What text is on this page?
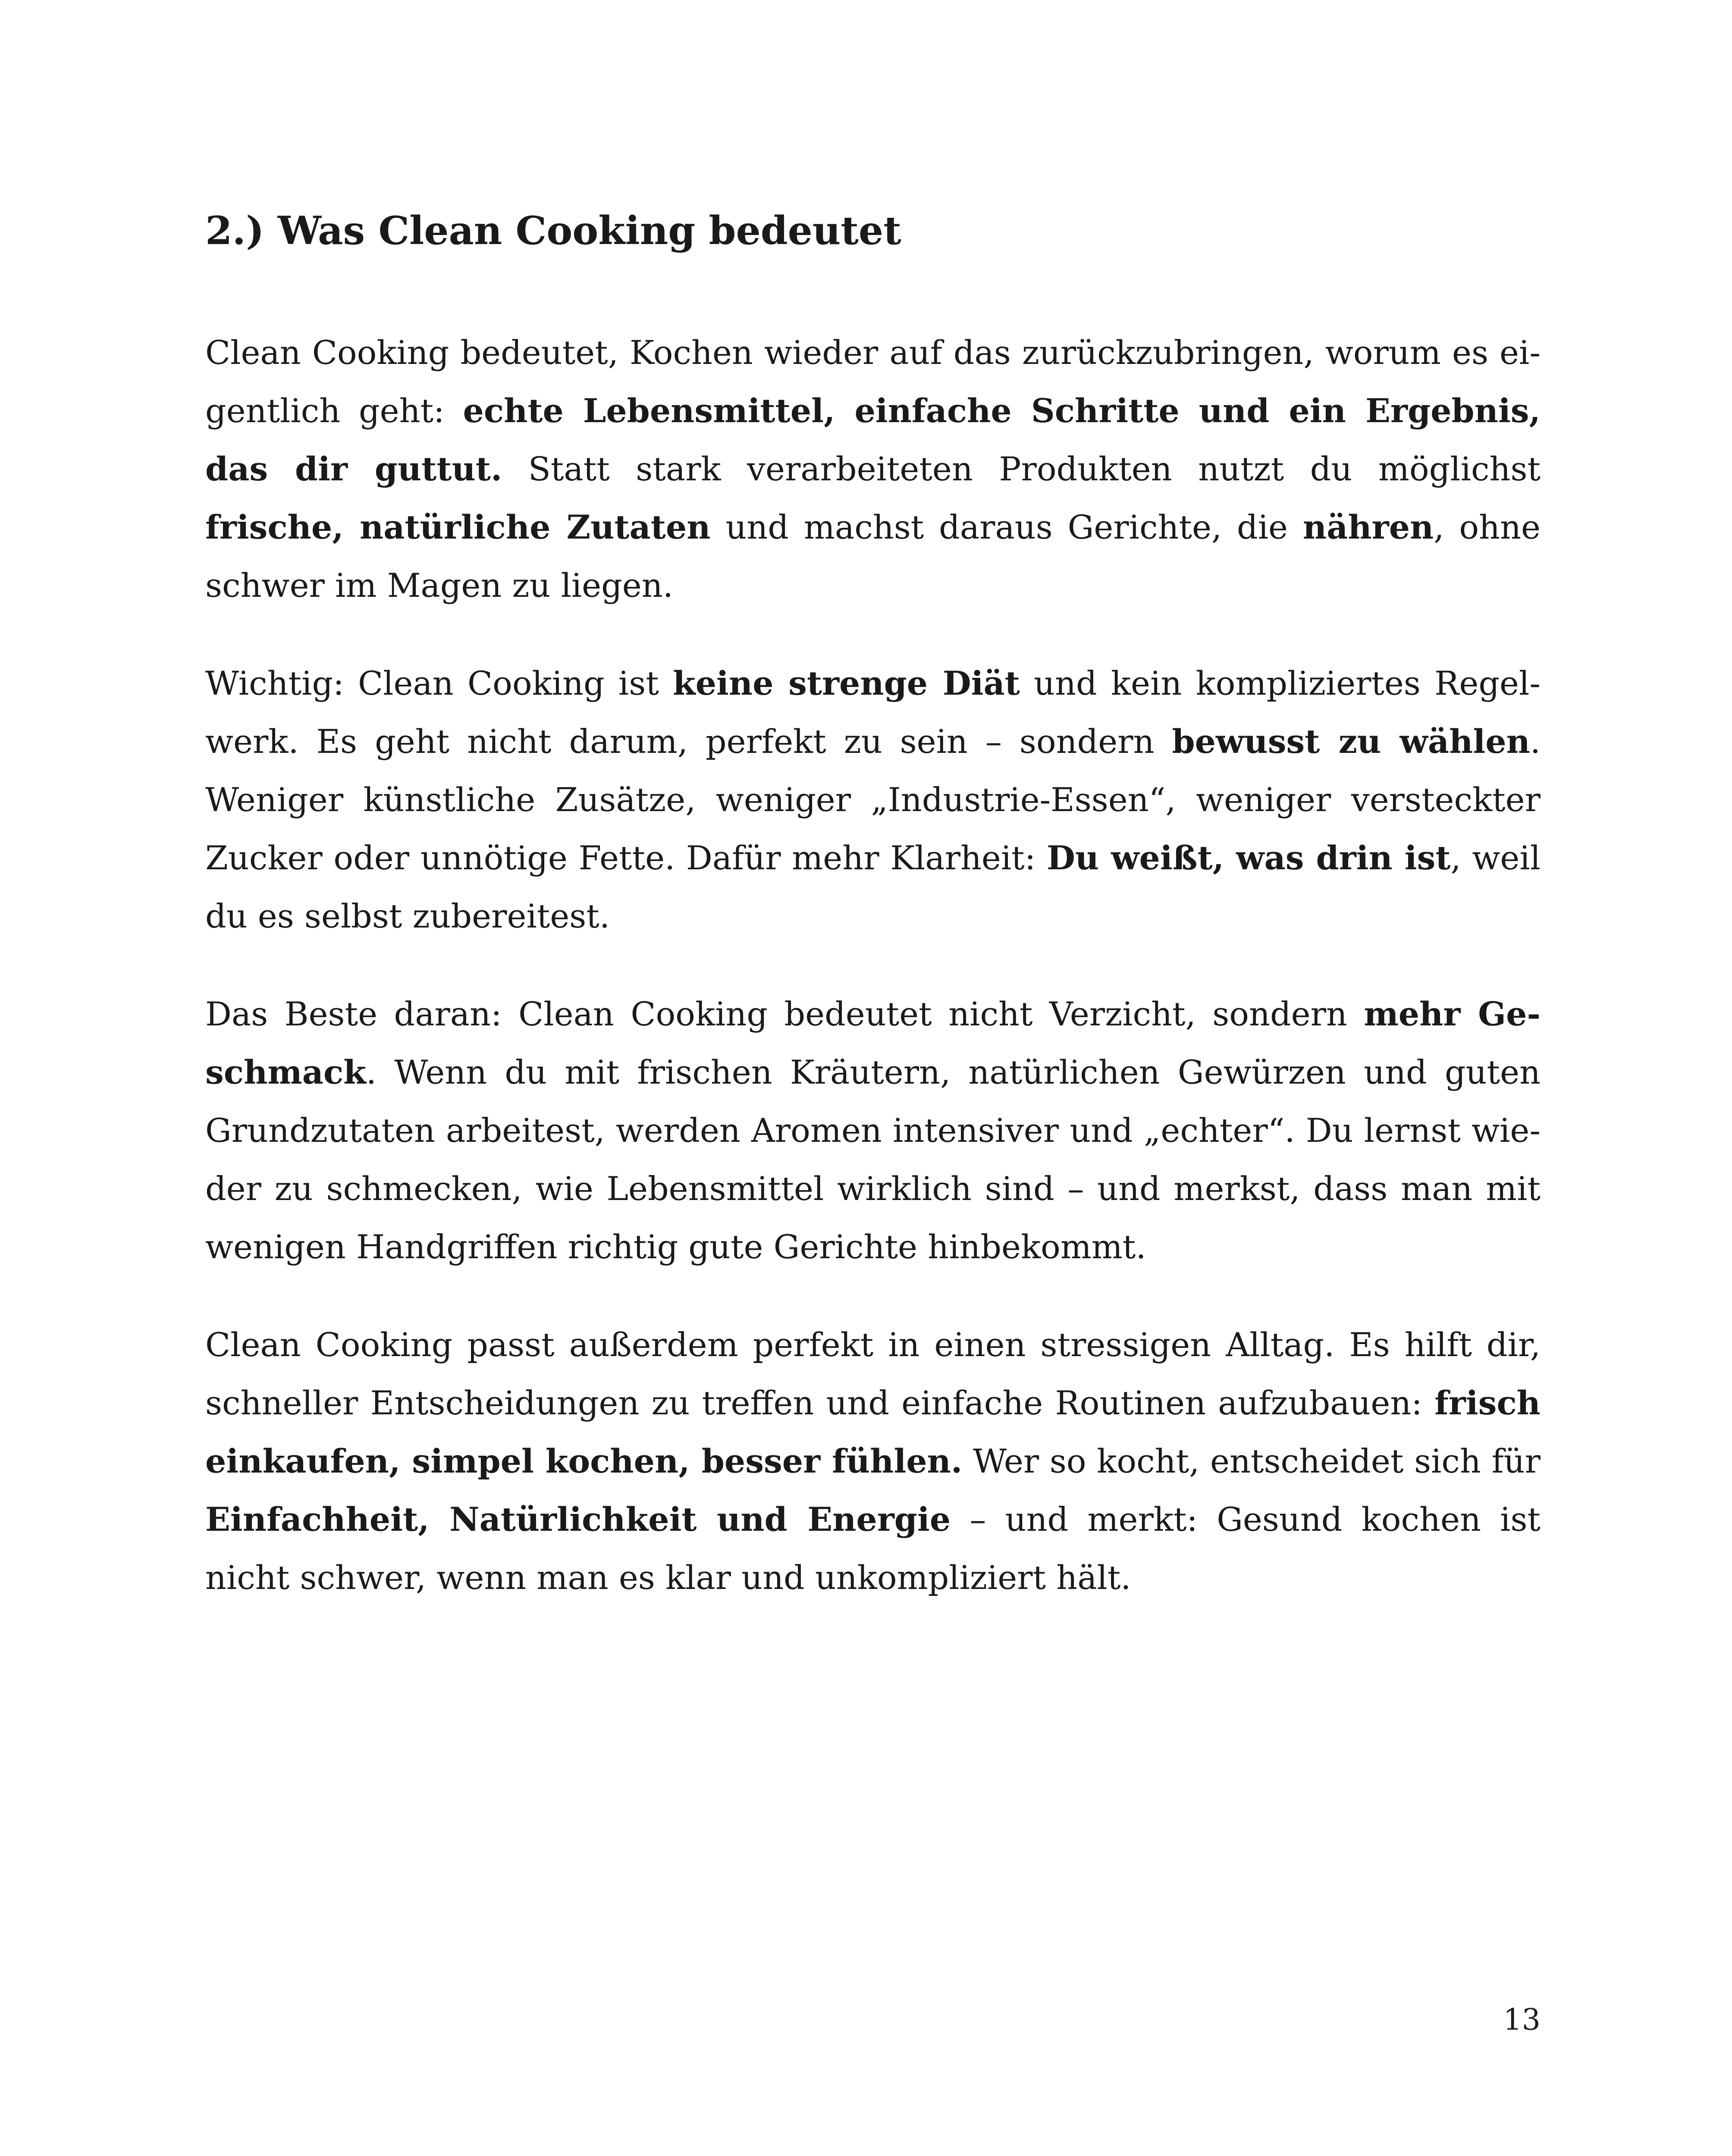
2.) Was Clean Cooking bedeutet

Clean Cooking bedeutet, Kochen wieder auf das zurückzubringen, worum es eigentlich geht: echte Lebensmittel, einfache Schritte und ein Ergebnis, das dir guttut. Statt stark verarbeiteten Produkten nutzt du möglichst frische, natürliche Zutaten und machst daraus Gerichte, die nähren, ohne schwer im Magen zu liegen.

Wichtig: Clean Cooking ist keine strenge Diät und kein kompliziertes Regelwerk. Es geht nicht darum, perfekt zu sein – sondern bewusst zu wählen. Weniger künstliche Zusätze, weniger „Industrie-Essen“, weniger versteckter Zucker oder unnötige Fette. Dafür mehr Klarheit: Du weißt, was drin ist, weil du es selbst zubereitest.

Das Beste daran: Clean Cooking bedeutet nicht Verzicht, sondern mehr Geschmack. Wenn du mit frischen Kräutern, natürlichen Gewürzen und guten Grundzutaten arbeitest, werden Aromen intensiver und „echter“. Du lernst wieder zu schmecken, wie Lebensmittel wirklich sind – und merkst, dass man mit wenigen Handgriffen richtig gute Gerichte hinbekommt.

Clean Cooking passt außerdem perfekt in einen stressigen Alltag. Es hilft dir, schneller Entscheidungen zu treffen und einfache Routinen aufzubauen: frisch einkaufen, simpel kochen, besser fühlen. Wer so kocht, entscheidet sich für Einfachheit, Natürlichkeit und Energie – und merkt: Gesund kochen ist nicht schwer, wenn man es klar und unkompliziert hält.

13
